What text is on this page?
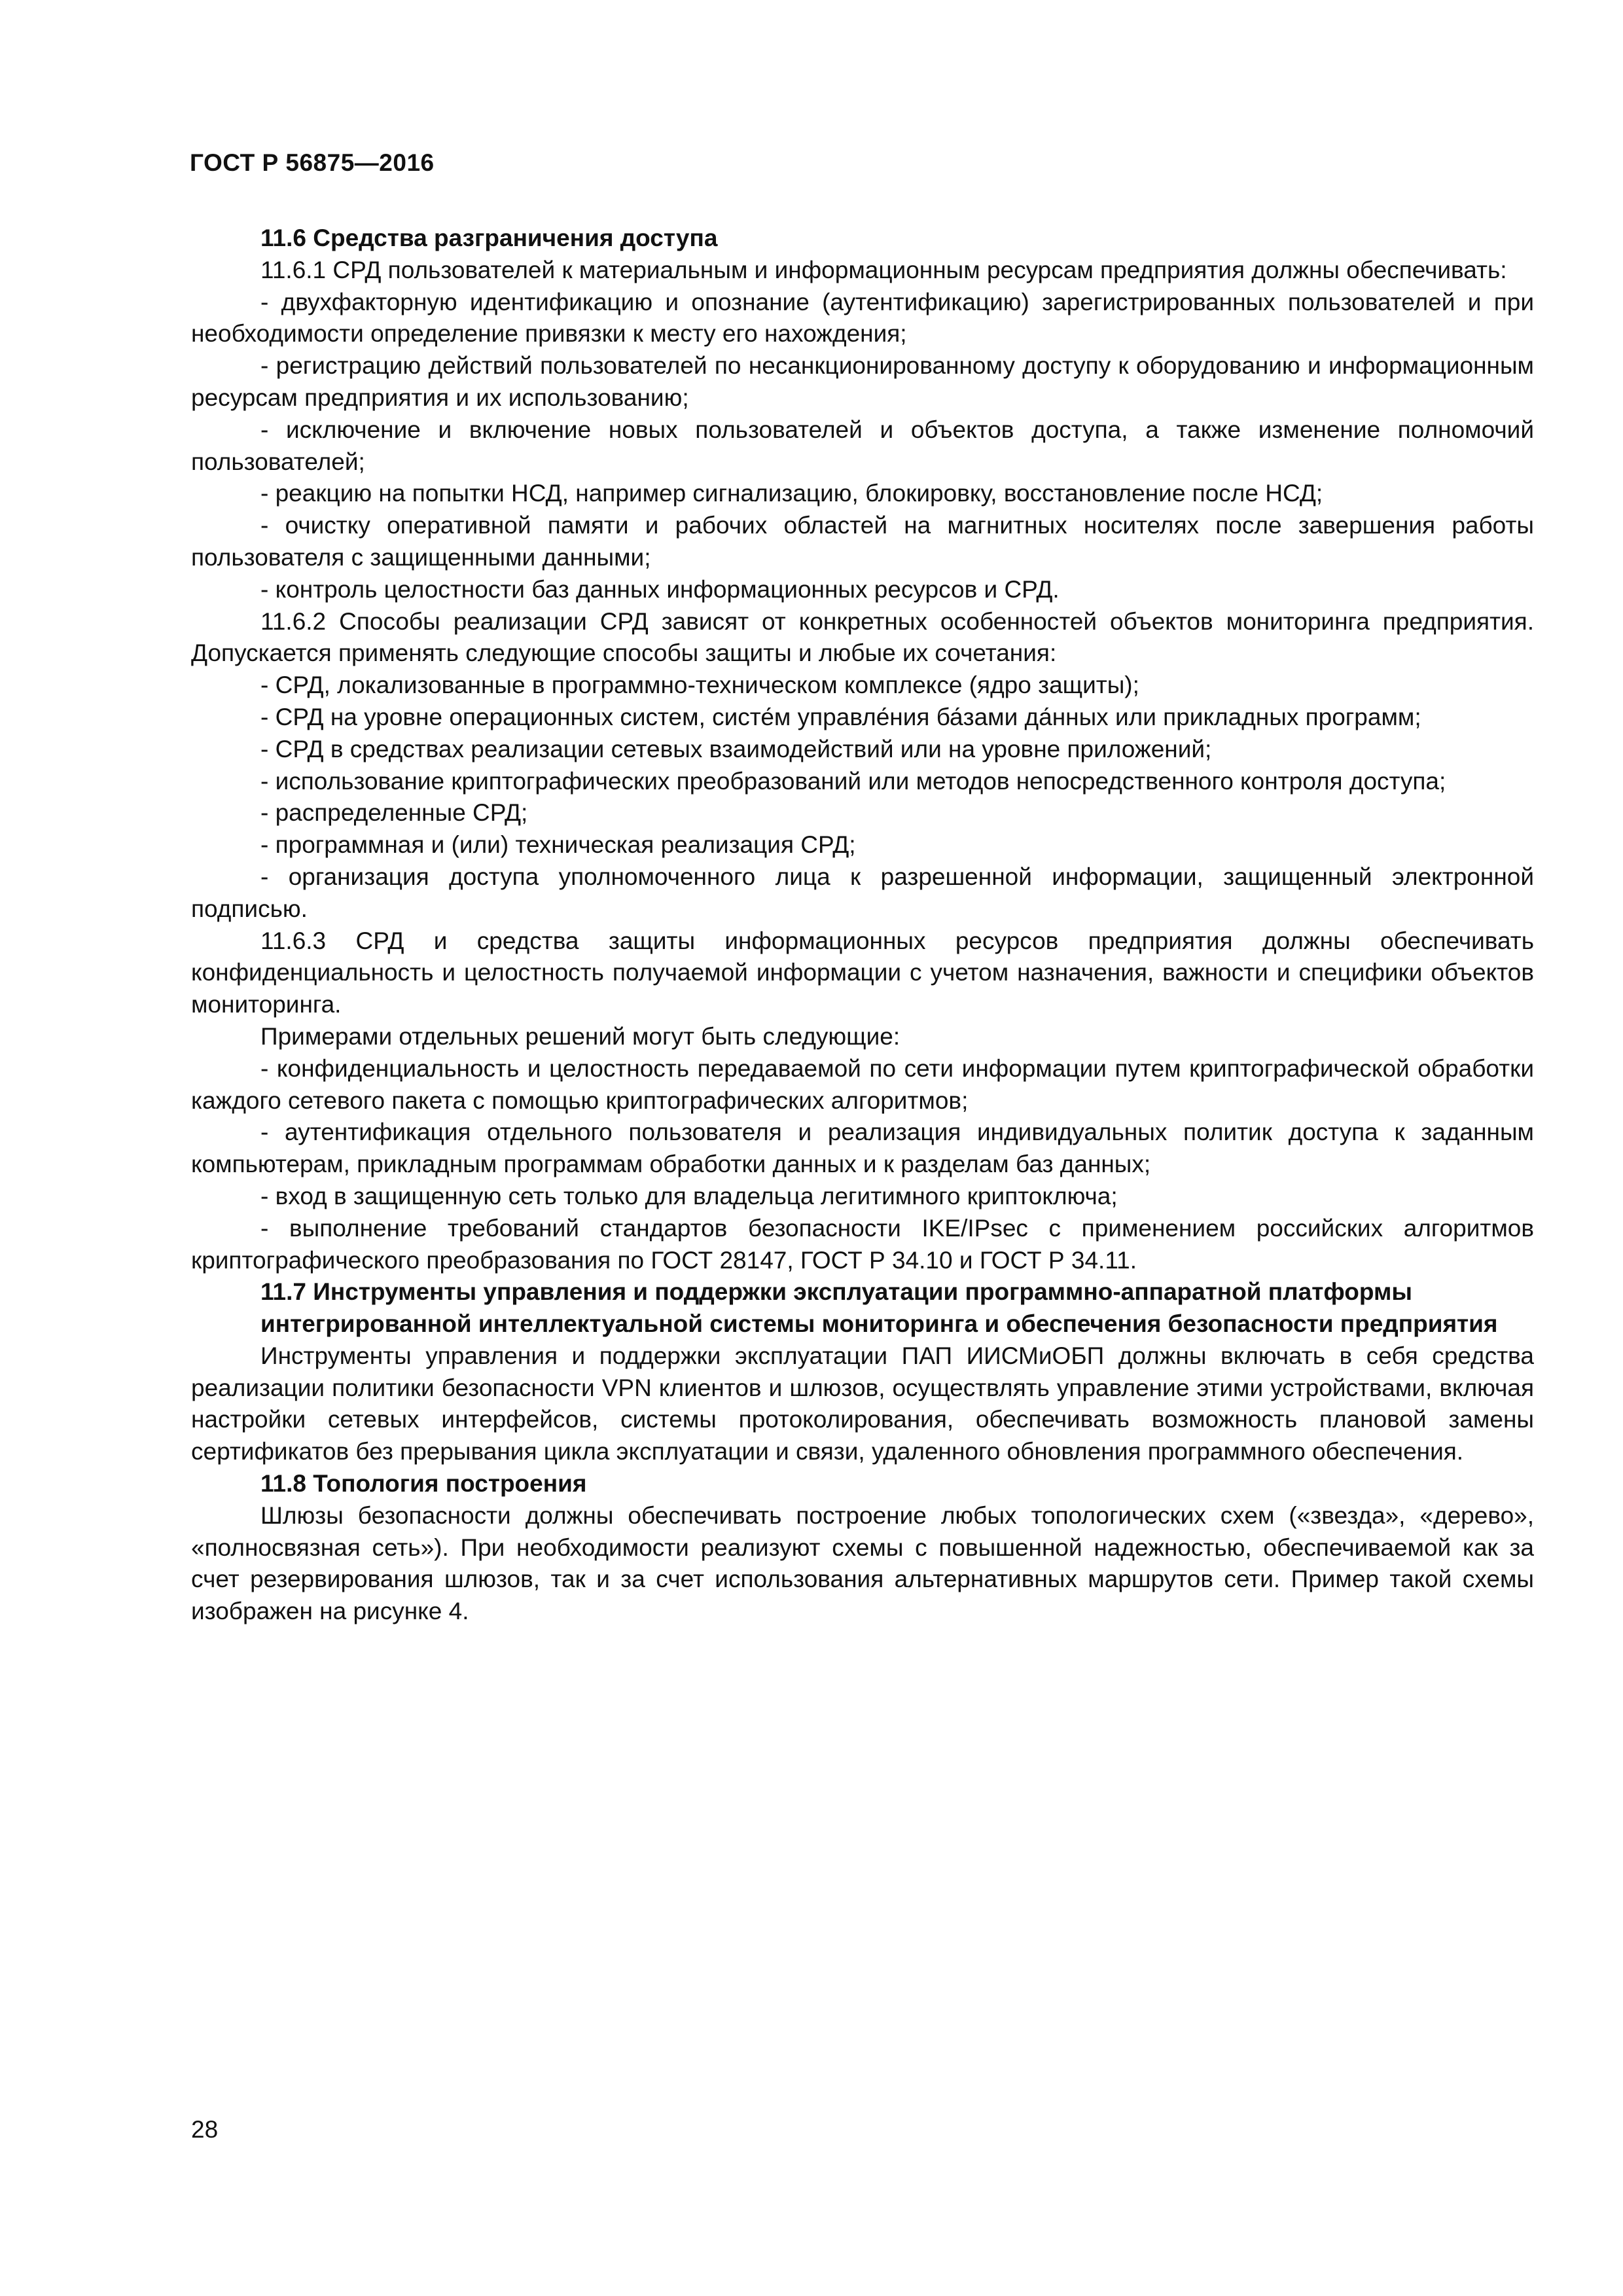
ГОСТ Р 56875—2016

11.6 Средства разграничения доступа

11.6.1 СРД пользователей к материальным и информационным ресурсам предприятия должны обеспечивать:

- двухфакторную идентификацию и опознание (аутентификацию) зарегистрированных пользователей и при необходимости определение привязки к месту его нахождения;

- регистрацию действий пользователей по несанкционированному доступу к оборудованию и информационным ресурсам предприятия и их использованию;

- исключение и включение новых пользователей и объектов доступа, а также изменение полномочий пользователей;

- реакцию на попытки НСД, например сигнализацию, блокировку, восстановление после НСД;

- очистку оперативной памяти и рабочих областей на магнитных носителях после завершения работы пользователя с защищенными данными;

- контроль целостности баз данных информационных ресурсов и СРД.

11.6.2 Способы реализации СРД зависят от конкретных особенностей объектов мониторинга предприятия. Допускается применять следующие способы защиты и любые их сочетания:

- СРД, локализованные в программно-техническом комплексе (ядро защиты);

- СРД на уровне операционных систем, систе́м управле́ния ба́зами да́нных или прикладных программ;

- СРД в средствах реализации сетевых взаимодействий или на уровне приложений;

- использование криптографических преобразований или методов непосредственного контроля доступа;

- распределенные СРД;

- программная и (или) техническая реализация СРД;

- организация доступа уполномоченного лица к разрешенной информации, защищенный электронной подписью.

11.6.3 СРД и средства защиты информационных ресурсов предприятия должны обеспечивать конфиденциальность и целостность получаемой информации с учетом назначения, важности и специфики объектов мониторинга.

Примерами отдельных решений могут быть следующие:

- конфиденциальность и целостность передаваемой по сети информации путем криптографической обработки каждого сетевого пакета с помощью криптографических алгоритмов;

- аутентификация отдельного пользователя и реализация индивидуальных политик доступа к заданным компьютерам, прикладным программам обработки данных и к разделам баз данных;

- вход в защищенную сеть только для владельца легитимного криптоключа;

- выполнение требований стандартов безопасности IKE/IPsec с применением российских алгоритмов криптографического преобразования по ГОСТ 28147, ГОСТ Р 34.10 и ГОСТ Р 34.11.

11.7 Инструменты управления и поддержки эксплуатации программно-аппаратной платформы интегрированной интеллектуальной системы мониторинга и обеспечения безопасности предприятия

Инструменты управления и поддержки эксплуатации ПАП ИИСМиОБП должны включать в себя средства реализации политики безопасности VPN клиентов и шлюзов, осуществлять управление этими устройствами, включая настройки сетевых интерфейсов, системы протоколирования, обеспечивать возможность плановой замены сертификатов без прерывания цикла эксплуатации и связи, удаленного обновления программного обеспечения.

11.8 Топология построения

Шлюзы безопасности должны обеспечивать построение любых топологических схем («звезда», «дерево», «полносвязная сеть»). При необходимости реализуют схемы с повышенной надежностью, обеспечиваемой как за счет резервирования шлюзов, так и за счет использования альтернативных маршрутов сети. Пример такой схемы изображен на рисунке 4.

28
